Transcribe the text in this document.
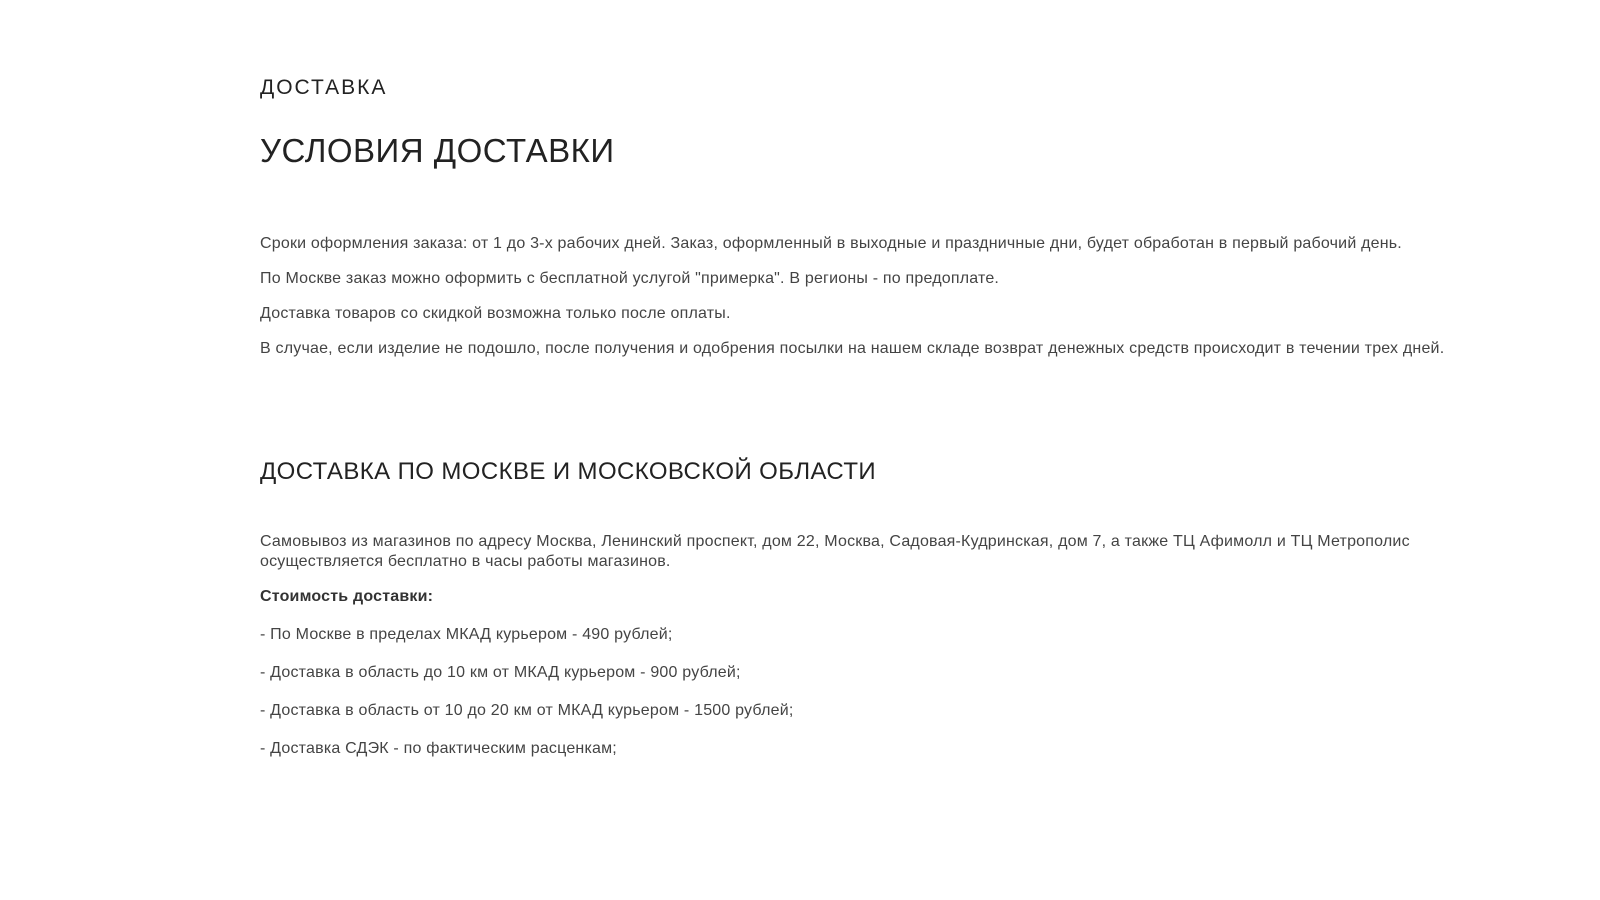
ДОСТАВКА
УСЛОВИЯ ДОСТАВКИ

Сроки оформления заказа: от 1 до 3-х рабочих дней. Заказ, оформленный в выходные и праздничные дни, будет обработан в первый рабочий день.

По Москве заказ можно оформить с бесплатной услугой "примерка". В регионы - по предоплате.

Доставка товаров со скидкой возможна только после оплаты.

В случае, если изделие не подошло, после получения и одобрения посылки на нашем складе возврат денежных средств происходит в течении трех дней.

ДОСТАВКА ПО МОСКВЕ И МОСКОВСКОЙ ОБЛАСТИ

Самовывоз из магазинов по адресу Москва, Ленинский проспект, дом 22, Москва, Садовая-Кудринская, дом 7, а также ТЦ Афимолл и ТЦ Метрополис осуществляется бесплатно в часы работы магазинов.

Стоимость доставки:

- По Москве в пределах МКАД курьером - 490 рублей;

- Доставка в область до 10 км от МКАД курьером - 900 рублей;

- Доставка в область от 10 до 20 км от МКАД курьером - 1500 рублей;

- Доставка СДЭК - по фактическим расценкам;
